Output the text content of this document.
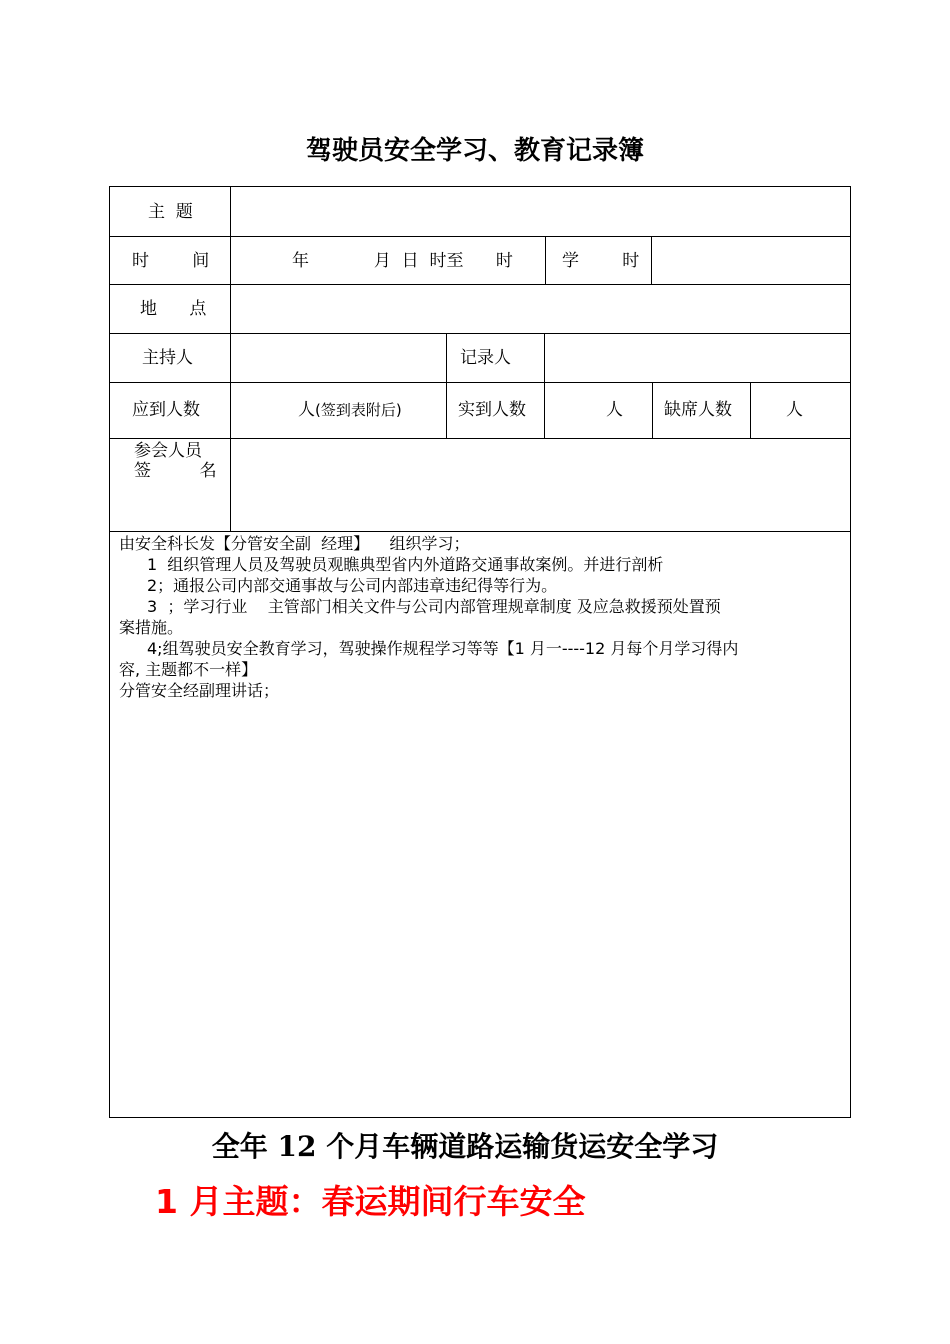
驾驶员安全学习、教育记录簿
主  题
时        间	年            月  日  时至      时	学        时
地      点
主持人	记录人
应到人数	人(签到表附后)	实到人数	人 缺席人数	人
参会人员
签         名
由安全科长发【分管安全副  经理】    组织学习；
1  组织管理人员及驾驶员观瞧典型省内外道路交通事故案例。并进行剖析
2；通报公司内部交通事故与公司内部违章违纪得等行为。
3  ；学习行业    主管部门相关文件与公司内部管理规章制度 及应急救援预处置预
案措施。
4;组驾驶员安全教育学习，驾驶操作规程学习等等【1 月一----12 月每个月学习得内
容, 主题都不一样】
分管安全经副理讲话；
全年 12 个月车辆道路运输货运安全学习
1 月主题：春运期间行车安全
